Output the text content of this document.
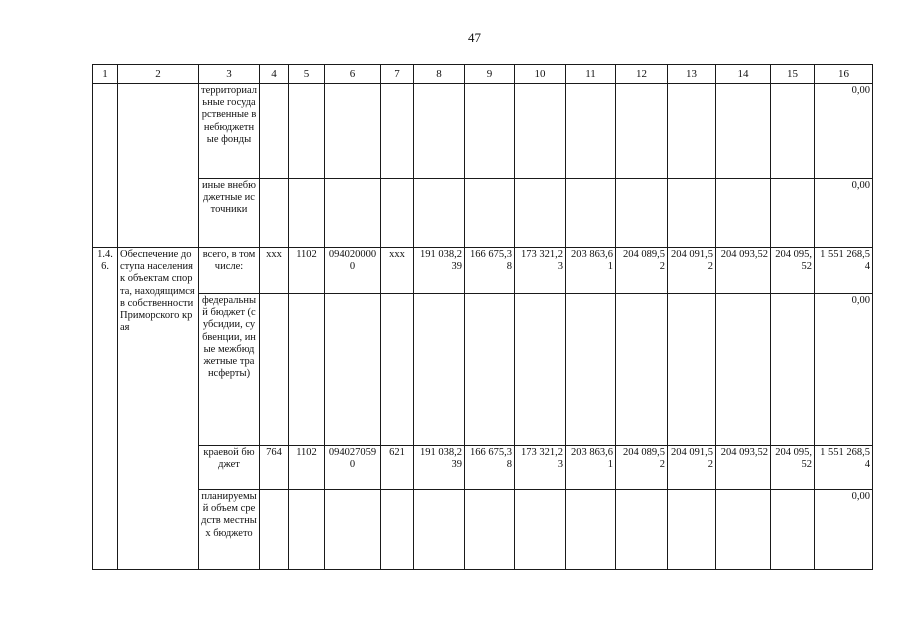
47
1	2	3	4	5	6	7	8	9	10	11	12	13	14	15	16
		территориальные государственные внебюджетные фонды													0,00
		иные внебюджетные источники													0,00
1.4.6.	Обеспечение доступа населения к объектам спорта, находящимся в собственности Приморского края	всего, в том числе:	ххх	1102	0940200000	ххх	191 038,239	166 675,38	173 321,23	203 863,61	204 089,52	204 091,52	204 093,52	204 095,52	1 551 268,54
		федеральный бюджет (субсидии, субвенции, иные межбюджетные трансферты)													0,00
		краевой бюджет	764	1102	0940270590	621	191 038,239	166 675,38	173 321,23	203 863,61	204 089,52	204 091,52	204 093,52	204 095,52	1 551 268,54
		планируемый объем средств местных бюджето													0,00
